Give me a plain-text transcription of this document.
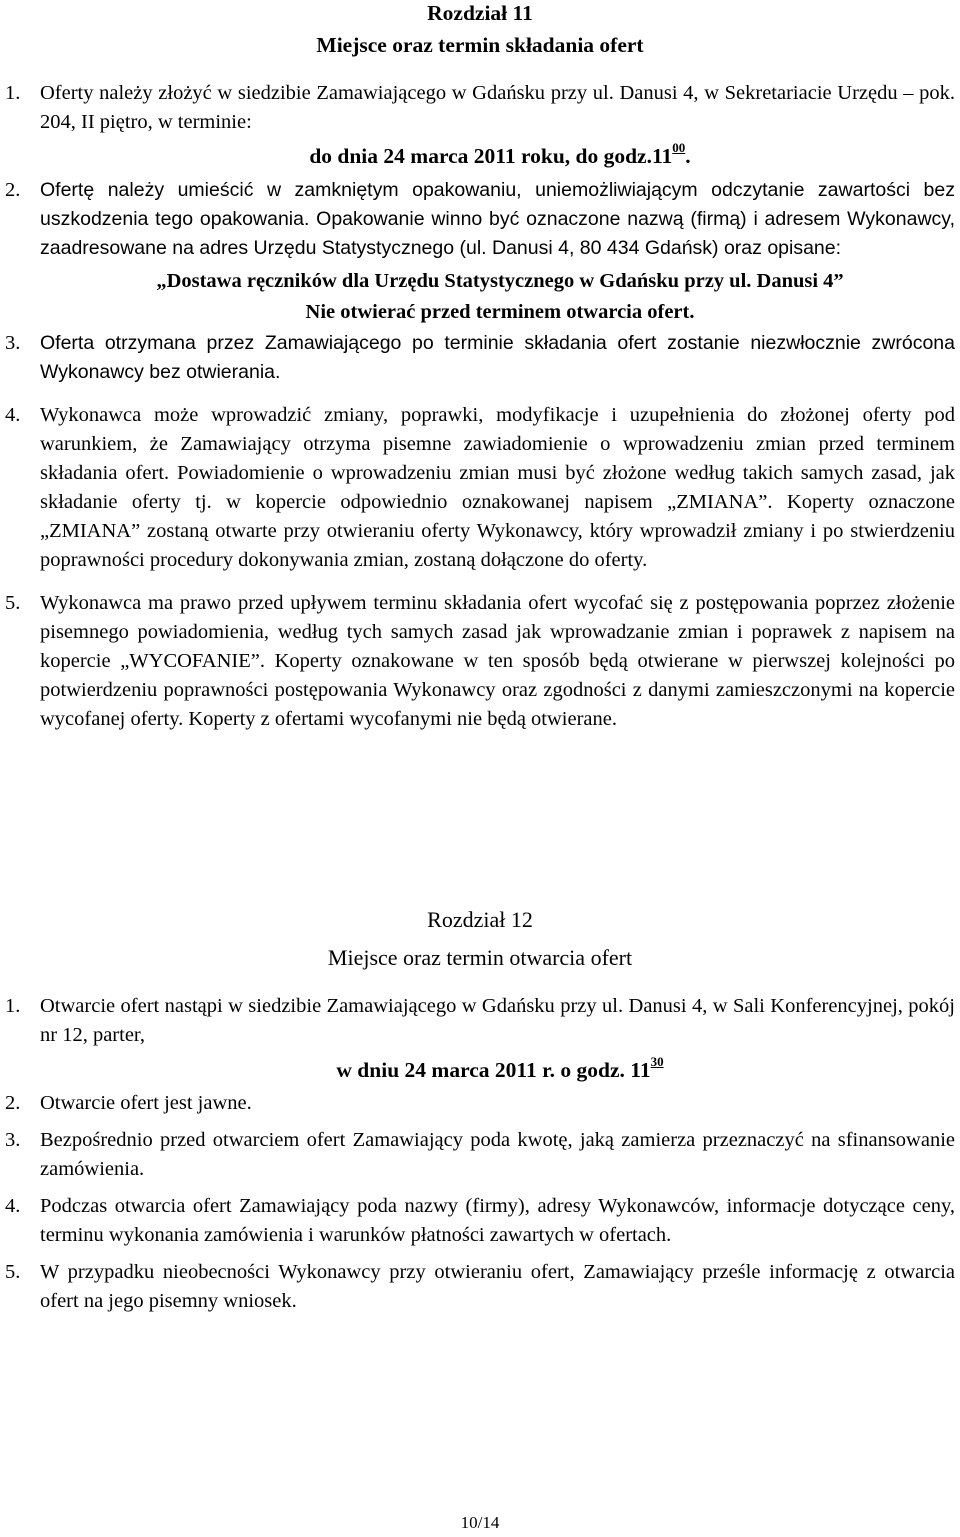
Rozdział 11
Miejsce oraz termin składania ofert
1. Oferty należy złożyć w siedzibie Zamawiającego w Gdańsku przy ul. Danusi 4, w Sekretariacie Urzędu – pok. 204, II piętro, w terminie:
do dnia 24 marca 2011 roku, do $godz.11^{00}$.
2. Ofertę należy umieścić w zamkniętym opakowaniu, uniemożliwiającym odczytanie zawartości bez uszkodzenia tego opakowania. Opakowanie winno być oznaczone nazwą (firmą) i adresem Wykonawcy, zaadresowane na adres Urzędu Statystycznego (ul. Danusi 4, 80 434 Gdańsk) oraz opisane:
„Dostawa ręczników dla Urzędu Statystycznego w Gdańsku przy ul. Danusi 4”
Nie otwierać przed terminem otwarcia ofert.
3. Oferta otrzymana przez Zamawiającego po terminie składania ofert zostanie niezwłocznie zwrócona Wykonawcy bez otwierania.
4. Wykonawca może wprowadzić zmiany, poprawki, modyfikacje i uzupełnienia do złożonej oferty pod warunkiem, że Zamawiający otrzyma pisemne zawiadomienie o wprowadzeniu zmian przed terminem składania ofert. Powiadomienie o wprowadzeniu zmian musi być złożone według takich samych zasad, jak składanie oferty tj. w kopercie odpowiednio oznakowanej napisem „ZMIANA”. Koperty oznaczone „ZMIANA” zostaną otwarte przy otwieraniu oferty Wykonawcy, który wprowadził zmiany i po stwierdzeniu poprawności procedury dokonywania zmian, zostaną dołączone do oferty.
5. Wykonawca ma prawo przed upływem terminu składania ofert wycofać się z postępowania poprzez złożenie pisemnego powiadomienia, według tych samych zasad jak wprowadzanie zmian i poprawek z napisem na kopercie „WYCOFANIE”. Koperty oznakowane w ten sposób będą otwierane w pierwszej kolejności po potwierdzeniu poprawności postępowania Wykonawcy oraz zgodności z danymi zamieszczonymi na kopercie wycofanej oferty. Koperty z ofertami wycofanymi nie będą otwierane.
Rozdział 12
Miejsce oraz termin otwarcia ofert
1. Otwarcie ofert nastąpi w siedzibie Zamawiającego w Gdańsku przy ul. Danusi 4, w Sali Konferencyjnej, pokój nr 12, parter,
w dniu 24 marca 2011 r. o godz. $11^{30}$
2. Otwarcie ofert jest jawne.
3. Bezpośrednio przed otwarciem ofert Zamawiający poda kwotę, jaką zamierza przeznaczyć na sfinansowanie zamówienia.
4. Podczas otwarcia ofert Zamawiający poda nazwy (firmy), adresy Wykonawców, informacje dotyczące ceny, terminu wykonania zamówienia i warunków płatności zawartych w ofertach.
5. W przypadku nieobecności Wykonawcy przy otwieraniu ofert, Zamawiający prześle informację z otwarcia ofert na jego pisemny wniosek.
10/14
